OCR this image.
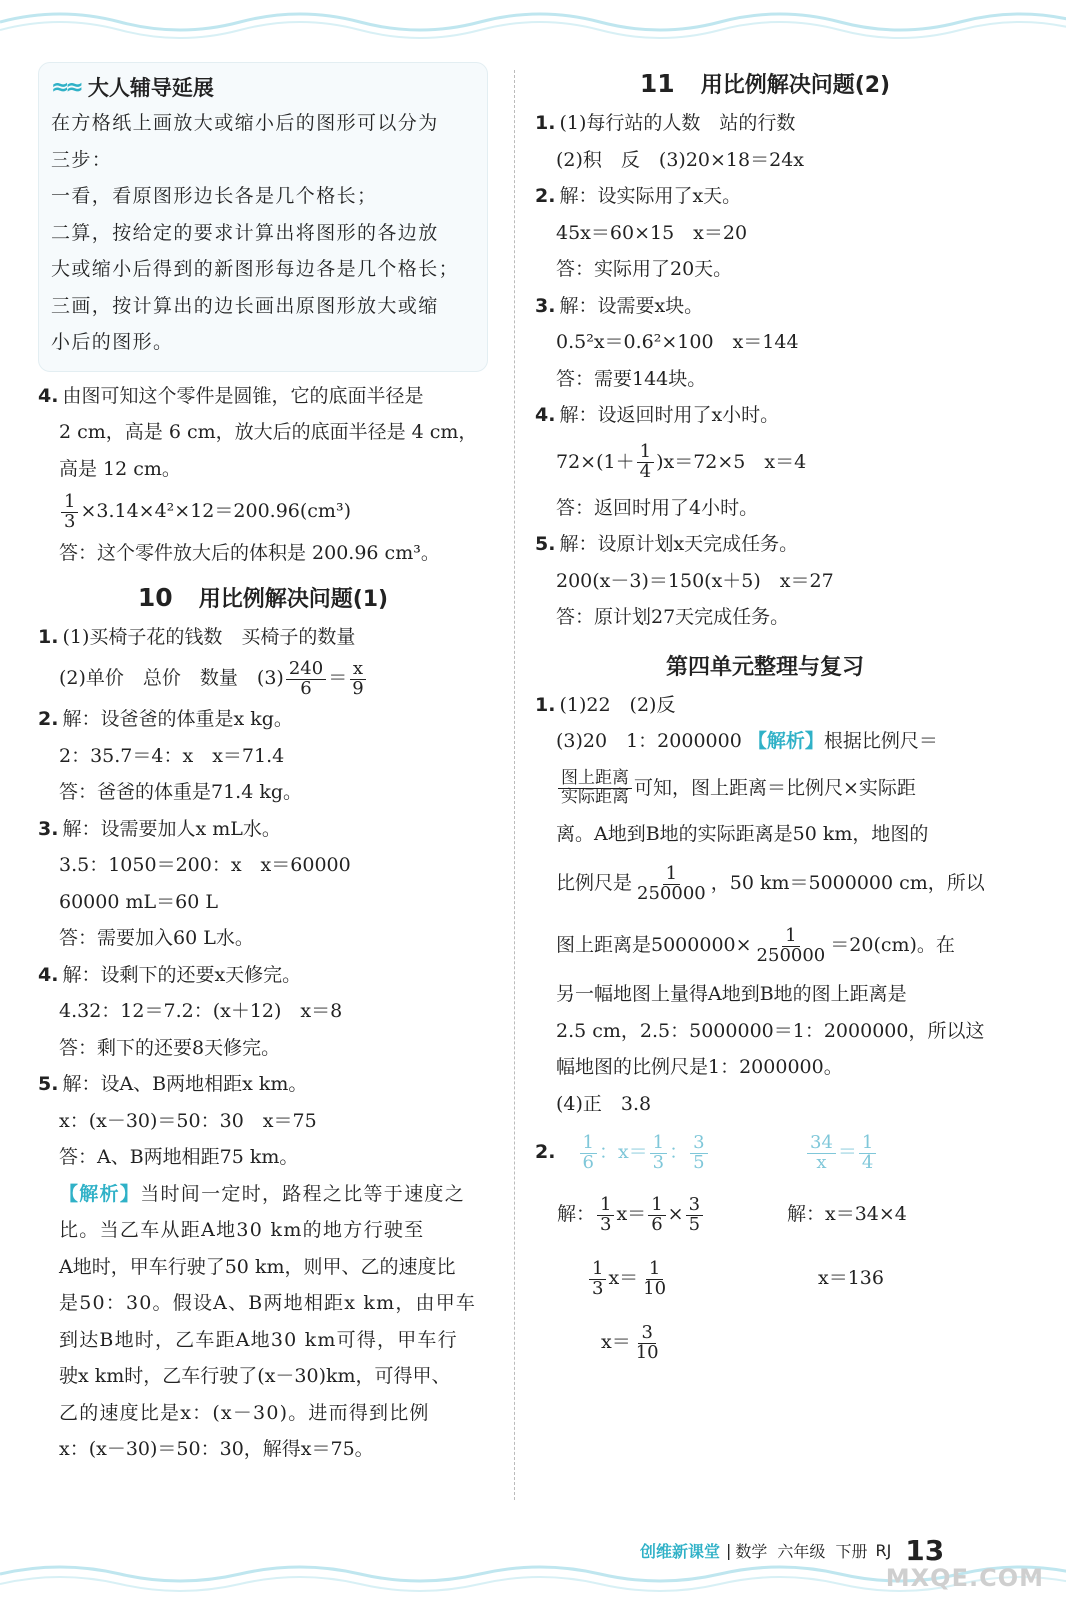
≈≈ 大人辅导延展
在方格纸上画放大或缩小后的图形可以分为
三步：
一看，看原图形边长各是几个格长；
二算，按给定的要求计算出将图形的各边放
大或缩小后得到的新图形每边各是几个格长；
三画，按计算出的边长画出原图形放大或缩
小后的图形。
4. 由图可知这个零件是圆锥，它的底面半径是
2 cm，高是 6 cm，放大后的底面半径是 4 cm，
高是 12 cm。
$\frac{1}{3} \times 3.14\times 4^2\times 12=200.96(cm^3)$
答：这个零件放大后的体积是 200.96 cm³。
10 用比例解决问题(1)
1. (1)买椅子花的钱数　买椅子的数量
(2)单价　总价　数量　$(3) \frac{240}{6} = \frac{x}{9}$
2. 解：设爸爸的体重是x kg。
2：35.7＝4：x　x＝71.4
答：爸爸的体重是71.4 kg。
3. 解：设需要加人x mL水。
3.5：1050＝200：x　x＝60000
60000 mL＝60 L
答：需要加入60 L水。
4. 解：设剩下的还要x天修完。
4.32：12＝7.2：(x＋12)　x＝8
答：剩下的还要8天修完。
5. 解：设A、B两地相距x km。
x：(x－30)＝50：30　x＝75
答：A、B两地相距75 km。
【解析】当时间一定时，路程之比等于速度之
比。当乙车从距A地30 km的地方行驶至
A地时，甲车行驶了50 km，则甲、乙的速度比
是50：30。假设A、B两地相距x km，由甲车
到达B地时，乙车距A地30 km可得，甲车行
驶x km时，乙车行驶了(x－30)km，可得甲、
乙的速度比是x：(x－30)。进而得到比例
x：(x－30)＝50：30，解得x＝75。
11 用比例解决问题(2)
1. (1)每行站的人数　站的行数
(2)积　反　(3)20×18＝24x
2. 解：设实际用了x天。
45x＝60×15　x＝20
答：实际用了20天。
3. 解：设需要x块。
0.5²x＝0.6²×100　x＝144
答：需要144块。
4. 解：设返回时用了x小时。
$72\times(1+ \frac{1}{4} )x=72\times 5$　x＝4
答：返回时用了4小时。
5. 解：设原计划x天完成任务。
200(x－3)＝150(x＋5)　x＝27
答：原计划27天完成任务。
第四单元整理与复习
1. (1)22　(2)反
(3)20　1：2000000 【解析】根据比例尺＝
$\frac{\text{图上距离}}{\text{实际距离}}$ 可知，图上距离＝比例尺×实际距
离。A地到B地的实际距离是50 km，地图的
比例尺是 $\frac{1}{250000}$ ，50 km＝5000000 cm，所以
图上距离是$5000000\times \frac{1}{250000} =20(cm)$。在
另一幅地图上量得A地到B地的图上距离是
2.5 cm，2.5：5000000＝1：2000000，所以这
幅地图的比例尺是1：2000000。
(4)正　3.8
2. $\frac{1}{6}$ ：$x= \frac{1}{3}$ ： $\frac{3}{5}$	$\frac{34}{x} = \frac{1}{4}$
解： $\frac{1}{3} x= \frac{1}{6} \times \frac{3}{5}$	解：x＝34×4
$\frac{1}{3} x= \frac{1}{10}$	x＝136
$x= \frac{3}{10}$
创维新课堂 | 数学 六年级 下册 RJ 13
MXQE.COM
